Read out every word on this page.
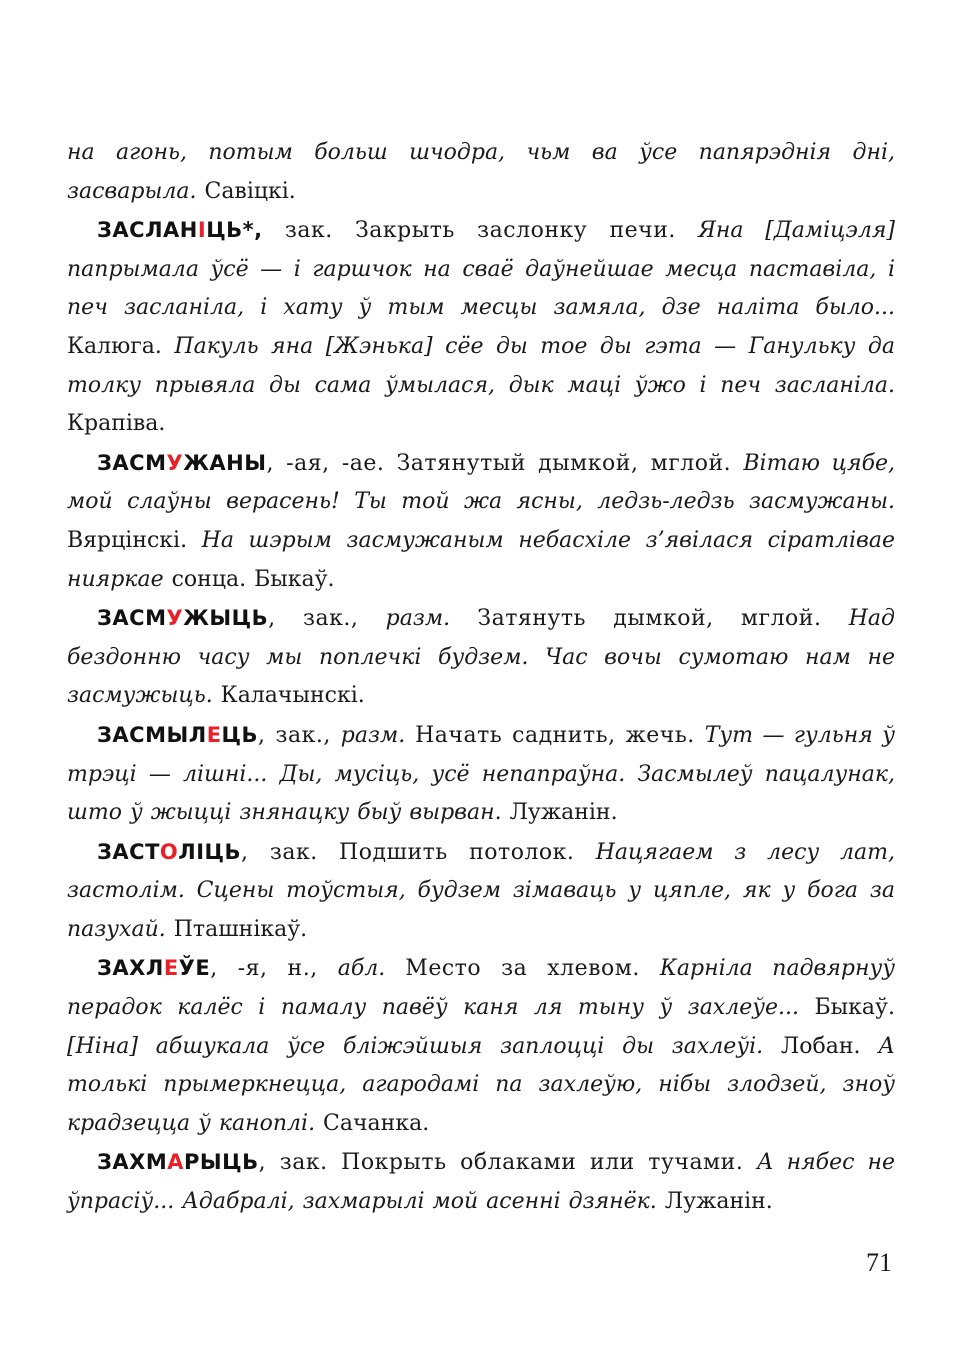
на агонь, потым больш шчодра, чьм ва ўсе папярэднія дні, засварыла. Савіцкі.

ЗАСЛАНІЦЬ*, зак. Закрыть заслонку печи. Яна [Даміцэля] папрымала ўсё — і гаршчок на сваё даўнейшае месца паставіла, і печ засланіла, і хату ў тым месцы замяла, дзе наліта было... Калюга. Пакуль яна [Жэнька] сёе ды тое ды гэта — Ганульку да толку прывяла ды сама ўмылася, дык маці ўжо і печ засланіла. Крапіва.

ЗАСМУЖАНЫ, -ая, -ае. Затянутый дымкой, мглой. Вітаю цябе, мой слаўны верасень! Ты той жа ясны, ледзь-ледзь засмужаны. Вярцінскі. На шэрым засмужаным небасхіле з’явілася сіратлівае нияркае сонца. Быкаў.

ЗАСМУЖЫЦЬ, зак., разм. Затянуть дымкой, мглой. Над бездонню часу мы поплечкі будзем. Час вочы сумотаю нам не засмужыць. Калачынскі.

ЗАСМЫЛЕЦЬ, зак., разм. Начать саднить, жечь. Тут — гульня ў трэці — лішні... Ды, мусіць, усё непапраўна. Засмылеў пацалунак, што ў жыцці знянацку быў вырван. Лужанін.

ЗАСТОЛІЦЬ, зак. Подшить потолок. Нацягаем з лесу лат, застолім. Сцены тоўстыя, будзем зімаваць у цяпле, як у бога за пазухай. Пташнікаў.

ЗАХЛЕЎЕ, -я, н., абл. Место за хлевом. Карніла падвярнуў перадок калёс і памалу павёў каня ля тыну ў захлеўе... Быкаў. [Ніна] абшукала ўсе бліжэйшыя заплоцці ды захлеўі. Лобан. А толькі прымеркнецца, агародамі па захлеўю, нібы злодзей, зноў крадзецца ў каноплі. Сачанка.

ЗАХМАРЫЦЬ, зак. Покрыть облаками или тучами. А нябес не ўпрасіў... Адабралі, захмарылі мой асенні дзянёк. Лужанін.

71
